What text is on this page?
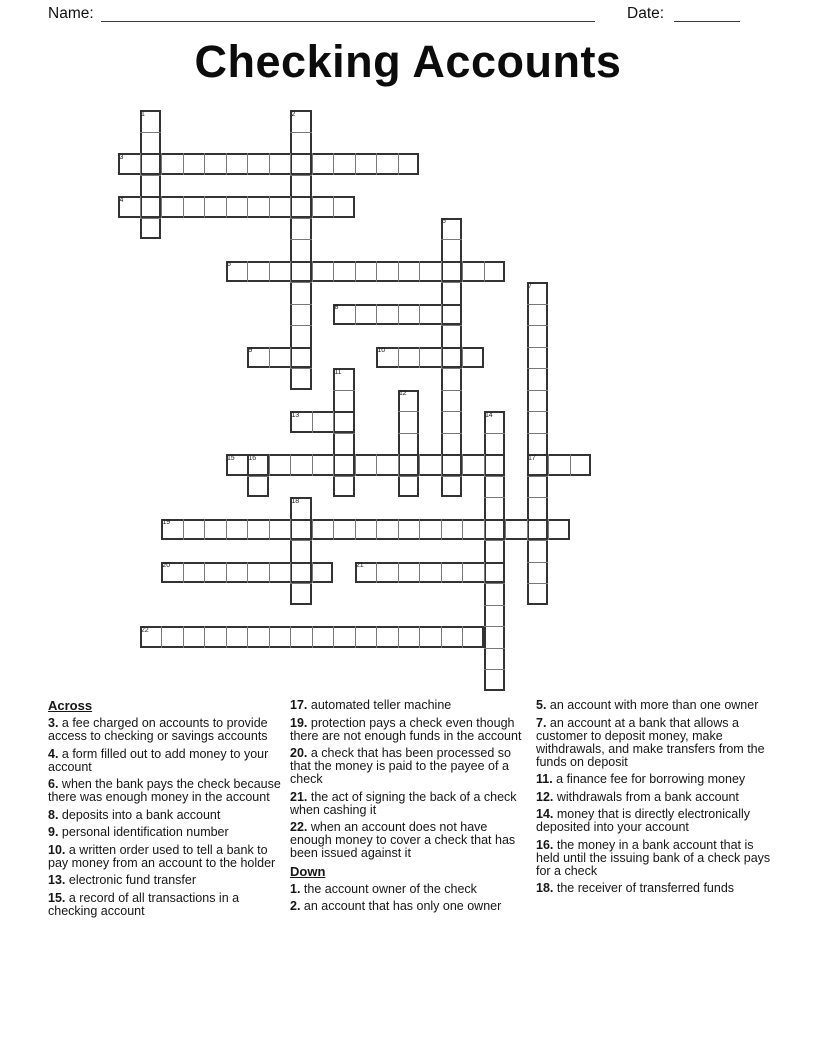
Name:	Date:
Checking Accounts
1	2
3
4
5
6
7
8
9	10
11
12
13	14
15 16	17
18
19
20	21
22
Across
3. a fee charged on accounts to provide access to checking or savings accounts
4. a form filled out to add money to your account
6. when the bank pays the check because there was enough money in the account
8. deposits into a bank account
9. personal identification number
10. a written order used to tell a bank to pay money from an account to the holder
13. electronic fund transfer
15. a record of all transactions in a checking account
17. automated teller machine
19. protection pays a check even though there are not enough funds in the account
20. a check that has been processed so that the money is paid to the payee of a check
21. the act of signing the back of a check when cashing it
22. when an account does not have enough money to cover a check that has been issued against it
Down
1. the account owner of the check
2. an account that has only one owner
5. an account with more than one owner
7. an account at a bank that allows a customer to deposit money, make withdrawals, and make transfers from the funds on deposit
11. a finance fee for borrowing money
12. withdrawals from a bank account
14. money that is directly electronically deposited into your account
16. the money in a bank account that is held until the issuing bank of a check pays for a check
18. the receiver of transferred funds
